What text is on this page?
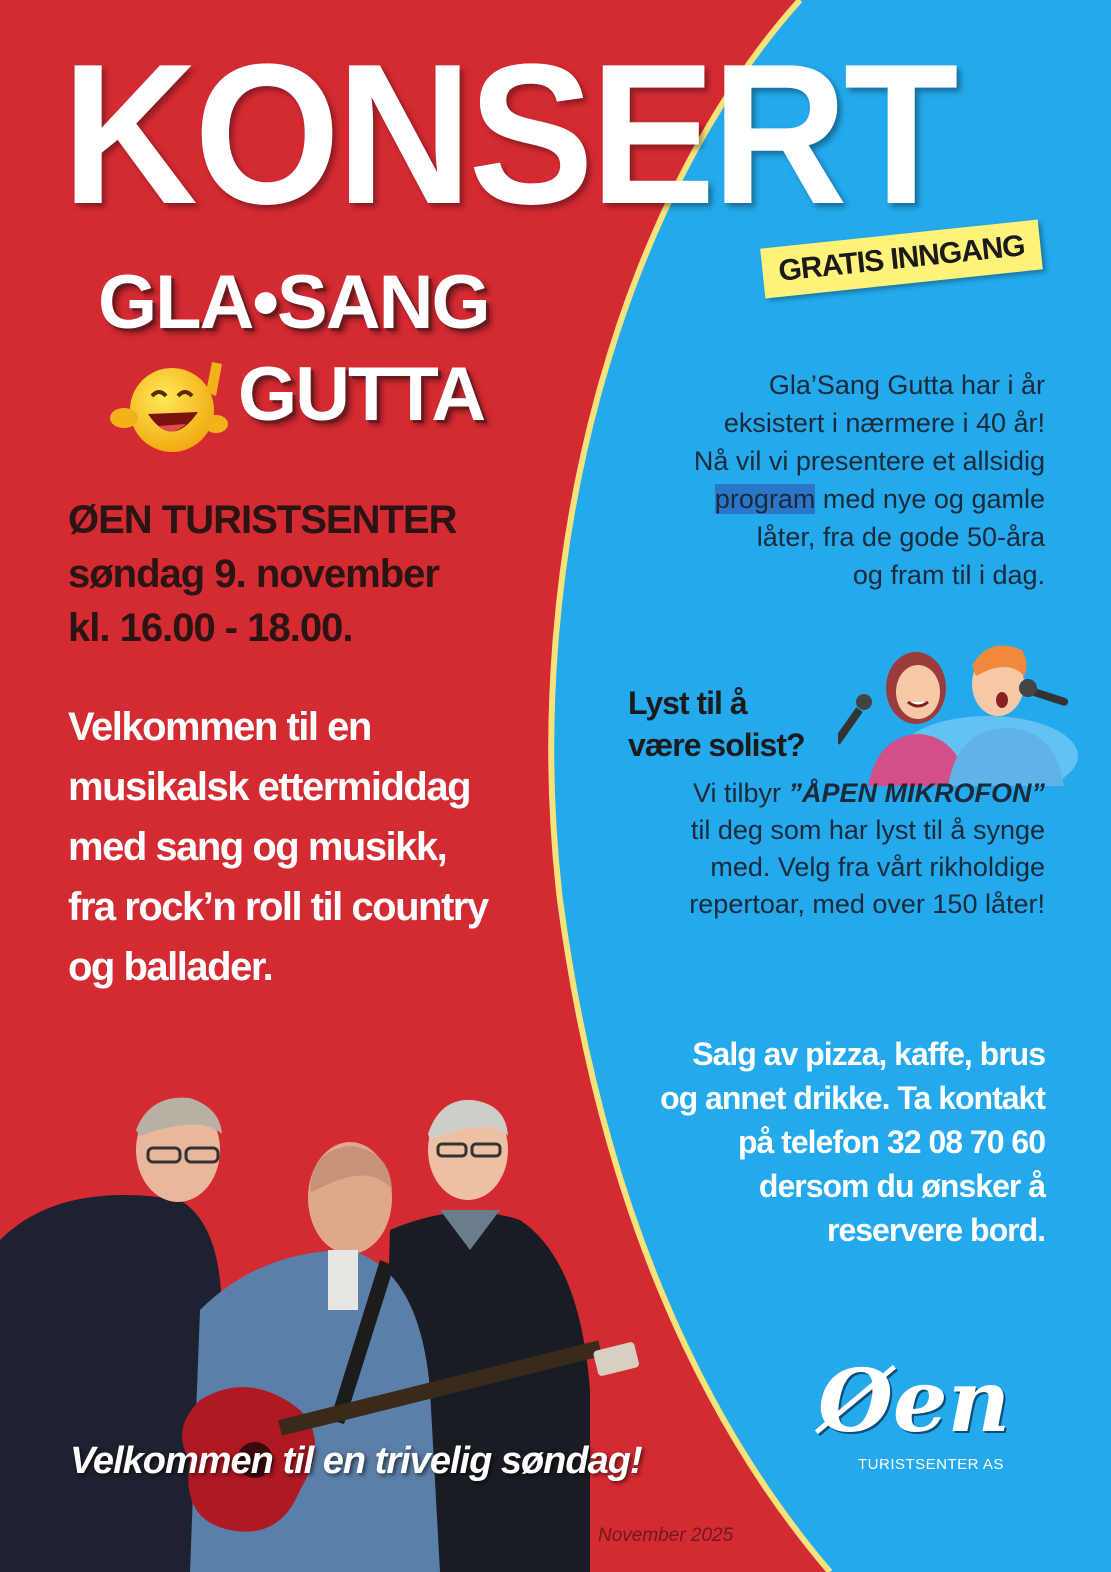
KONSERT
GRATIS INNGANG
GLA•SANG
GUTTA
ØEN TURISTSENTER
søndag 9. november
kl. 16.00 - 18.00.
Velkommen til en
musikalsk ettermiddag
med sang og musikk,
fra rock’n roll til country
og ballader.
Gla’Sang Gutta har i år
eksistert i nærmere i 40 år!
Nå vil vi presentere et allsidig
program med nye og gamle
låter, fra de gode 50-åra
og fram til i dag.
Lyst til å
være solist?
Vi tilbyr ”ÅPEN MIKROFON”
til deg som har lyst til å synge
med. Velg fra vårt rikholdige
repertoar, med over 150 låter!
Salg av pizza, kaffe, brus
og annet drikke. Ta kontakt
på telefon 32 08 70 60
dersom du ønsker å
reservere bord.
Velkommen til en trivelig søndag!
November 2025
Øen
TURISTSENTER AS
